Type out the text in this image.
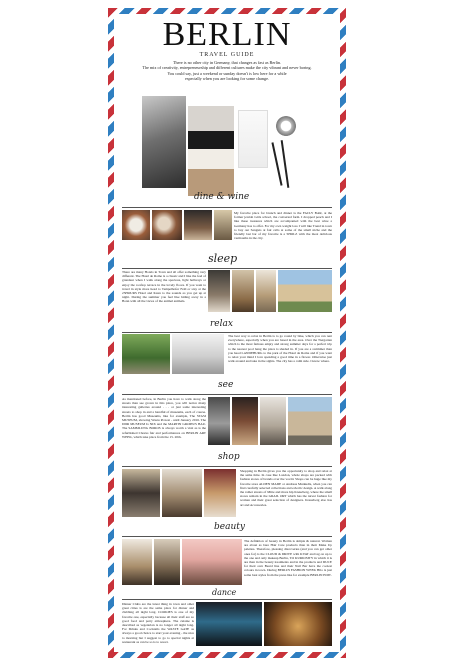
BERLIN
TRAVEL GUIDE

There is no other city in Germany, that changes as fast as Berlin.

The mix of creativity, entrepreneurship and different cultures make the city vibrant and never boring.

You could say, just a weekend or sunday doesn't is low here for a while

especially when you are looking for some change.

dine & wine

My favorite place for brunch and dinner is the FACLY BAR, at the former jewish Girls school, the converted farm. I dropped peach and I like these treasures which are accompanied with the best wine a Germany has to offer. For my own weight loss I will like Trend in town to buy out Sanguis at fair calls at some of the small niche and the friendly last bar of my favorite is a SHOLZ with the most delicious vermouths in the city.

sleep

There are many Hotels in Town and all offer something very different. The Hotel de Rome is a classic and I like the feel of grandeur when I walk along the spacious, light hallways or enjoy the rooftop terrace in the lovely floors. If you want to travel in style more head to Tempelhofer Feld or stay at the 25HOURS Hotel and listen to the sounds as you get up at night. During the summer you feel like hiding away in a Bonn with all the views of the animal animals.

relax

The best way to relax in Berlin is to go round by bike, which you can rent everywhere, especially when you are based in the area. Over the Tiergarten which is the most famous empty and strong summer days for a perfect trip to the nearest pool hang the place is shaded in. If you are a swimmer than you head LANDEBURG to the park of the Hotel de Rome and if you want to relax your mind I love spending a good time in a flower. Otherwise just walk around and take in the sights. The city has a calm side. I know where.

see

As mentioned before, in Berlin you have to walk along the streets than see grown in this place, you will notice many interesting galleries around . . . or just some interesting streets to shop in and a handful of museums, each of course. Berlin has good Museums, like for example, The STASI MUSEUM, showing Wastu Protest - until January 2016. The DDR MUSEUM Is NIX and the MARTIN GROPIUS BAU. The SAMMLUNG BOROS is always worth a visit as is the refurbished Chorus fair and performances on BERLIN ART WEEK, which take place from the 15. 20th.

shop

Shopping in Berlin gives you the opportunity to shop and relax at the same time. In case like London, whole shops are packed with fashion stores of brands over the world. Shops can be huge like my favorite store ALDEN MADE or Andreas Murkudis, when you can find carefully selected collections and eclectic design. A walk along the rather streets of Mitte and more hip Kreuzberg, where the small stores remain in the GRAIL ORT which has the nicest fashion for women and their great selection of designers. Kreuzberg also has art and Accessories.

beauty

The definition of beauty in Berlin is simple & natural. Women are about as bare Hair Care products than in their Make Up palettes. Therefore, pleasing discoveries (and you can get other ones for) is the CLOUD & DRIVE with KVAT and tag on up to the one and only makeup Berlin, TO KURIOSITY in which it is are then in the beauty treatments and in the products and DUCE for their own Beard line and their Nail Bar have the coolest colours in town. During BERLIN FASHION WEEK Hilo is just some best styles from the press like for example BERLIN EDIT.

dance

Dinner Clubs are the latest thing in town and other great cities is are the same place for dinner and clubbing all night long. COOKIES is one of my favorite one, especially because all their staff are so good food and party atmosphere. The cuisine is described as vegetarian is no longer all night long. For Drinks and Cocktails the WASTE GATE as always a good choice to start your evening - the nice to morning but I suggest to go to special nights at restaurant as can be so is to resort.
